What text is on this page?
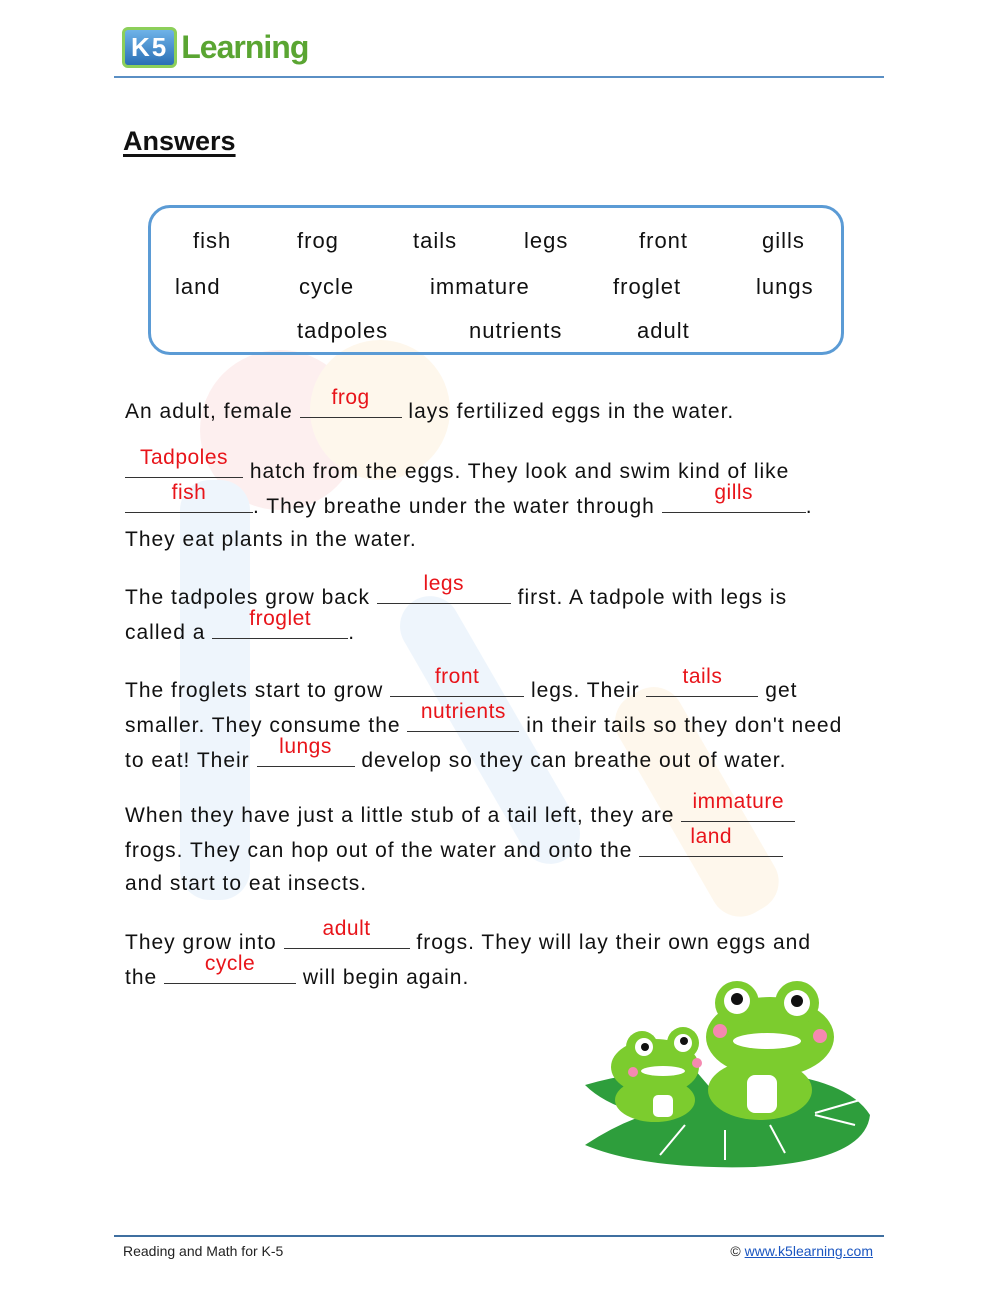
K5 Learning
Answers
fish	frog	tails	legs	front	gills
land	cycle	immature	froglet	lungs
tadpoles	nutrients	adult
An adult, female
frog
lays fertilized eggs in the water.
Tadpoles
hatch from the eggs. They look and swim kind of like
fish
. They breathe under the water through
gills
.
They eat plants in the water.
The tadpoles grow back
legs
first. A tadpole with legs is
called a
froglet
.
The froglets start to grow
front
legs. Their
tails
get
smaller. They consume the
nutrients
in their tails so they don't need
to eat! Their
lungs
develop so they can breathe out of water.
When they have just a little stub of a tail left, they are
immature
frogs. They can hop out of the water and onto the
land
and start to eat insects.
They grow into
adult
frogs. They will lay their own eggs and
the
cycle
will begin again.
Reading and Math for K-5	© www.k5learning.com
